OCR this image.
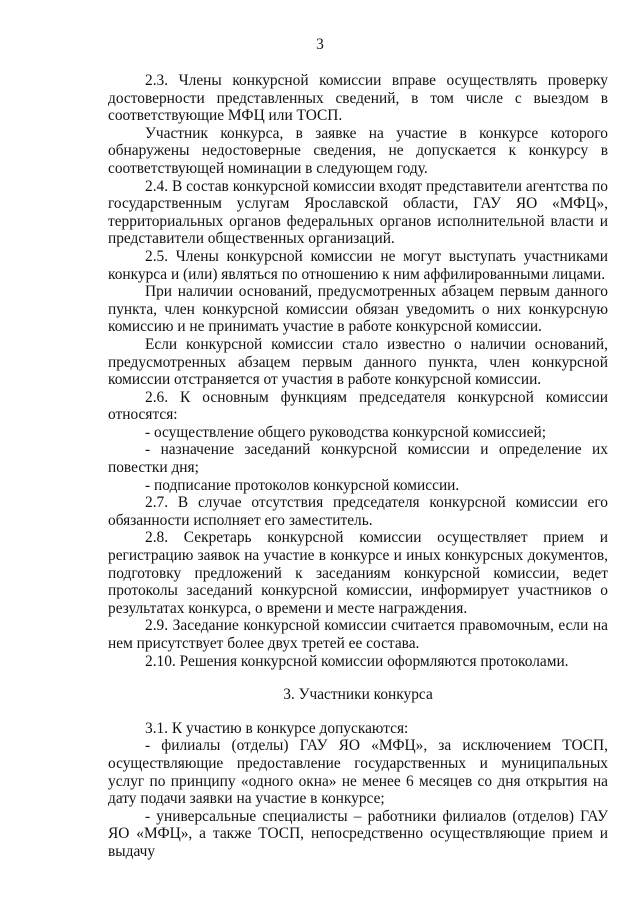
3

2.3. Члены конкурсной комиссии вправе осуществлять проверку достоверности представленных сведений, в том числе с выездом в соответствующие МФЦ или ТОСП.

Участник конкурса, в заявке на участие в конкурсе которого обнаружены недостоверные сведения, не допускается к конкурсу в соответствующей номинации в следующем году.

2.4. В состав конкурсной комиссии входят представители агентства по государственным услугам Ярославской области, ГАУ ЯО «МФЦ», территориальных органов федеральных органов исполнительной власти и представители общественных организаций.

2.5. Члены конкурсной комиссии не могут выступать участниками конкурса и (или) являться по отношению к ним аффилированными лицами.

При наличии оснований, предусмотренных абзацем первым данного пункта, член конкурсной комиссии обязан уведомить о них конкурсную комиссию и не принимать участие в работе конкурсной комиссии.

Если конкурсной комиссии стало известно о наличии оснований, предусмотренных абзацем первым данного пункта, член конкурсной комиссии отстраняется от участия в работе конкурсной комиссии.

2.6. К основным функциям председателя конкурсной комиссии относятся:

- осуществление общего руководства конкурсной комиссией;

- назначение заседаний конкурсной комиссии и определение их повестки дня;

- подписание протоколов конкурсной комиссии.

2.7. В случае отсутствия председателя конкурсной комиссии его обязанности исполняет его заместитель.

2.8. Секретарь конкурсной комиссии осуществляет прием и регистрацию заявок на участие в конкурсе и иных конкурсных документов, подготовку предложений к заседаниям конкурсной комиссии, ведет протоколы заседаний конкурсной комиссии, информирует участников о результатах конкурса, о времени и месте награждения.

2.9. Заседание конкурсной комиссии считается правомочным, если на нем присутствует более двух третей ее состава.

2.10. Решения конкурсной комиссии оформляются протоколами.

3. Участники конкурса

3.1. К участию в конкурсе допускаются:

- филиалы (отделы) ГАУ ЯО «МФЦ», за исключением ТОСП, осуществляющие предоставление государственных и муниципальных услуг по принципу «одного окна» не менее 6 месяцев со дня открытия на дату подачи заявки на участие в конкурсе;

- универсальные специалисты – работники филиалов (отделов) ГАУ ЯО «МФЦ», а также ТОСП, непосредственно осуществляющие прием и выдачу
